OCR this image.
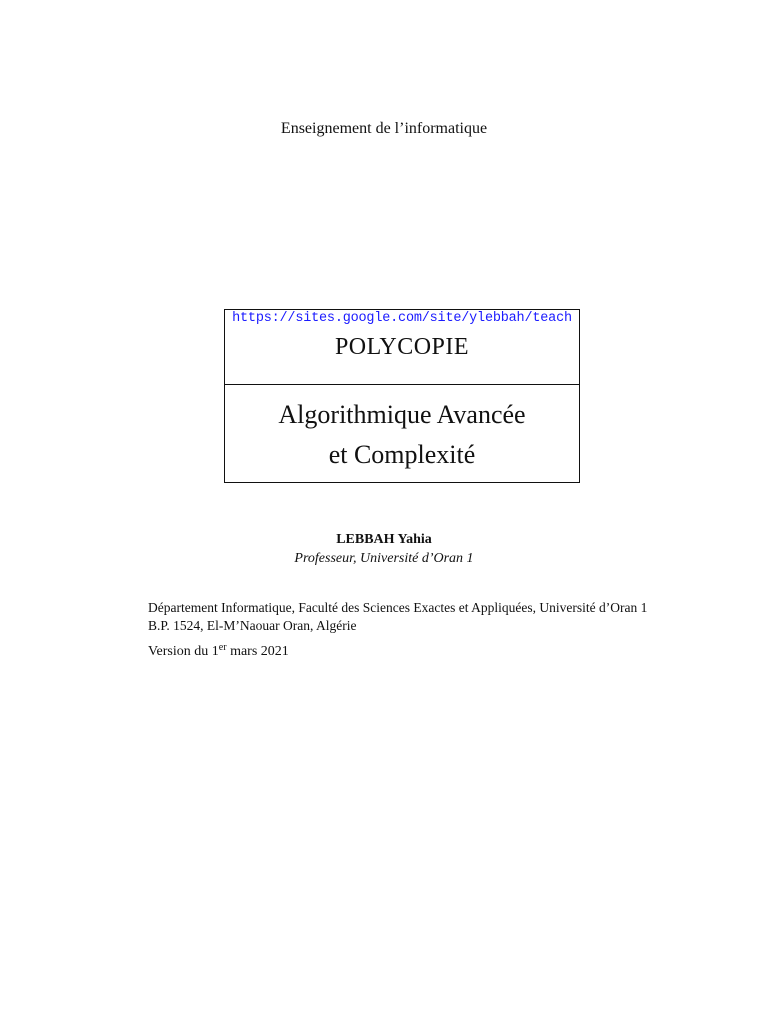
Enseignement de l’informatique
https://sites.google.com/site/ylebbah/teach
POLYCOPIE
Algorithmique Avancée
et Complexité
LEBBAH Yahia
Professeur, Université d’Oran 1
Département Informatique, Faculté des Sciences Exactes et Appliquées, Université d’Oran 1
B.P. 1524, El-M’Naouar Oran, Algérie
Version du 1er mars 2021
